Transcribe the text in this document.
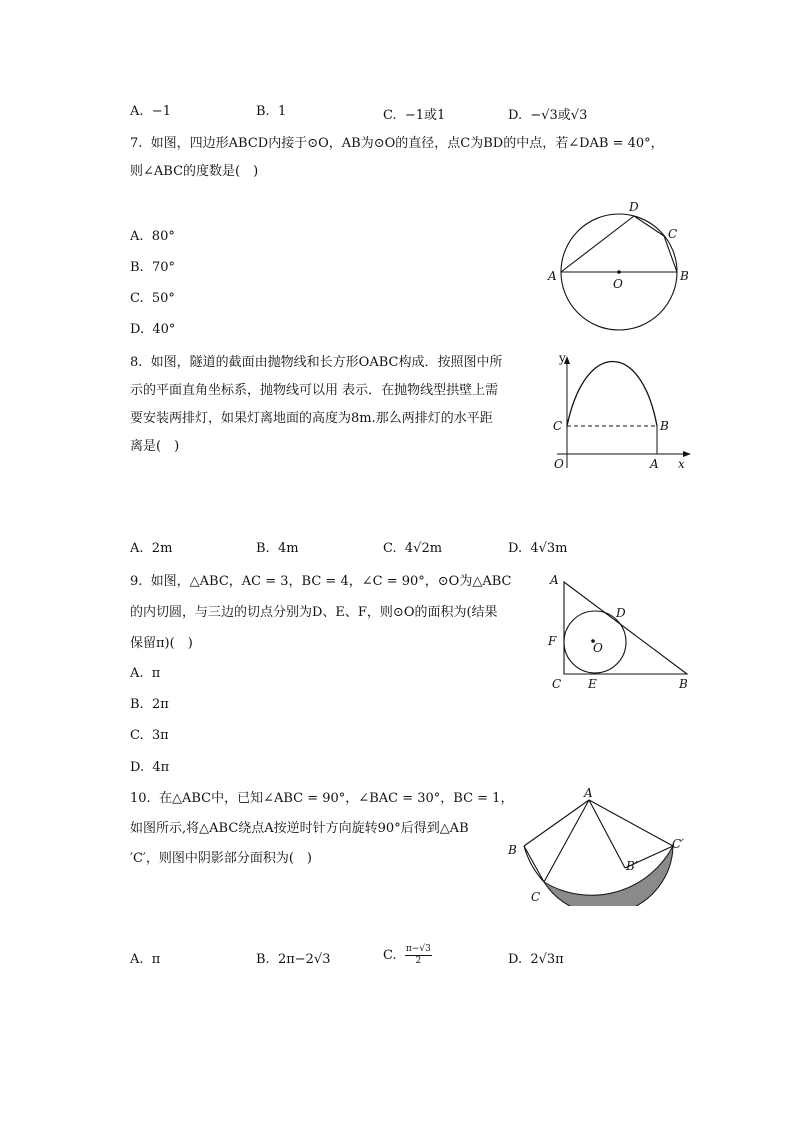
A. −1	B. 1	C. −1或1	D. −√3或√3
7. 如图，四边形ABCD内接于⊙O，AB为⊙O的直径，点C为BD的中点，若∠DAB = 40°，
则∠ABC的度数是(　)
A. 80°
B. 70°
C. 50°
D. 40°
A	B
C
D
O
8. 如图，隧道的截面由抛物线和长方形OABC构成．按照图中所
示的平面直角坐标系，抛物线可以用 表示．在抛物线型拱壁上需
要安装两排灯，如果灯离地面的高度为8m.那么两排灯的水平距
离是(　)
A. 2m	B. 4m	C. 4√2m	D. 4√3m
y
x
C	B
O	A
9. 如图，△ABC，AC = 3，BC = 4，∠C = 90°，⊙O为△ABC
的内切圆，与三边的切点分别为D、E、F，则⊙O的面积为(结果
保留π)(　)
A. π
B. 2π
C. 3π
D. 4π
A
D
F	O
C E	B
10. 在△ABC中，已知∠ABC = 90°，∠BAC = 30°，BC = 1，
如图所示,将△ABC绕点A按逆时针方向旋转90°后得到△AB
′C′，则图中阴影部分面积为(　)
A. π	B. 2π−2√3	C. $\frac{\pi-√3}{2}$	D. 2√3π
A
B
C
B′
C′
